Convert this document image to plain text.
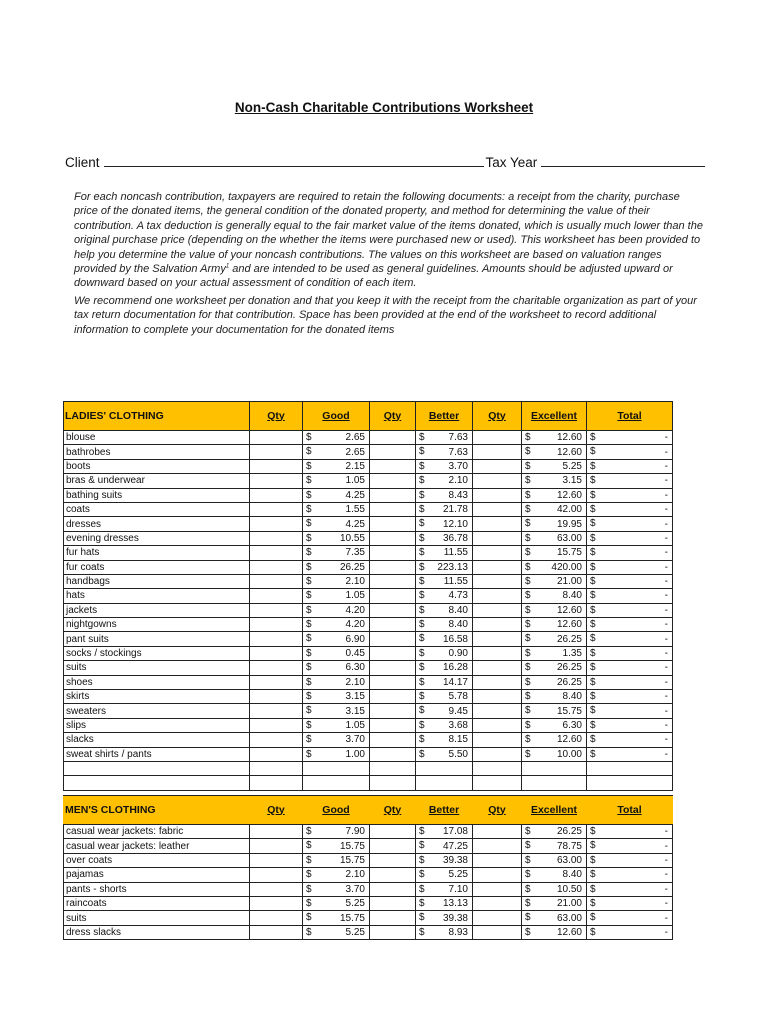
Non-Cash Charitable Contributions Worksheet
Client	Tax Year
For each noncash contribution, taxpayers are required to retain the following documents: a receipt from the charity, purchase price of the donated items, the general condition of the donated property, and method for determining the value of their contribution. A tax deduction is generally equal to the fair market value of the items donated, which is usually much lower than the original purchase price (depending on the whether the items were purchased new or used). This worksheet has been provided to help you determine the value of your noncash contributions. The values on this worksheet are based on valuation ranges provided by the Salvation Army$^1$ and are intended to be used as general guidelines. Amounts should be adjusted upward or downward based on your actual assessment of condition of each item.
We recommend one worksheet per donation and that you keep it with the receipt from the charitable organization as part of your tax return documentation for that contribution. Space has been provided at the end of the worksheet to record additional information to complete your documentation for the donated items
LADIES' CLOTHING	Qty	Good	Qty	Better	Qty	Excellent	Total
blouse		$ 2.65		$ 7.63		$ 12.60	$ -

bathrobes		$ 2.65		$ 7.63		$ 12.60	$ -

boots		$ 2.15		$ 3.70		$ 5.25	$ -

bras & underwear		$ 1.05		$ 2.10		$ 3.15	$ -

bathing suits		$ 4.25		$ 8.43		$ 12.60	$ -

coats		$ 1.55		$ 21.78		$ 42.00	$ -

dresses		$ 4.25		$ 12.10		$ 19.95	$ -

evening dresses		$ 10.55		$ 36.78		$ 63.00	$ -

fur hats		$ 7.35		$ 11.55		$ 15.75	$ -

fur coats		$ 26.25		$ 223.13		$ 420.00	$ -

handbags		$ 2.10		$ 11.55		$ 21.00	$ -

hats		$ 1.05		$ 4.73		$ 8.40	$ -

jackets		$ 4.20		$ 8.40		$ 12.60	$ -

nightgowns		$ 4.20		$ 8.40		$ 12.60	$ -

pant suits		$ 6.90		$ 16.58		$ 26.25	$ -

socks / stockings		$ 0.45		$ 0.90		$ 1.35	$ -

suits		$ 6.30		$ 16.28		$ 26.25	$ -

shoes		$ 2.10		$ 14.17		$ 26.25	$ -

skirts		$ 3.15		$ 5.78		$ 8.40	$ -

sweaters		$ 3.15		$ 9.45		$ 15.75	$ -

slips		$ 1.05		$ 3.68		$ 6.30	$ -

slacks		$ 3.70		$ 8.15		$ 12.60	$ -

sweat shirts / pants		$ 1.00		$ 5.50		$ 10.00	$ -

MEN'S CLOTHING	Qty	Good	Qty	Better	Qty	Excellent	Total
casual wear jackets: fabric		$ 7.90		$ 17.08		$ 26.25	$ -

casual wear jackets: leather		$ 15.75		$ 47.25		$ 78.75	$ -

over coats		$ 15.75		$ 39.38		$ 63.00	$ -

pajamas		$ 2.10		$ 5.25		$ 8.40	$ -

pants - shorts		$ 3.70		$ 7.10		$ 10.50	$ -

raincoats		$ 5.25		$ 13.13		$ 21.00	$ -

suits		$ 15.75		$ 39.38		$ 63.00	$ -

dress slacks		$ 5.25		$ 8.93		$ 12.60	$ -
